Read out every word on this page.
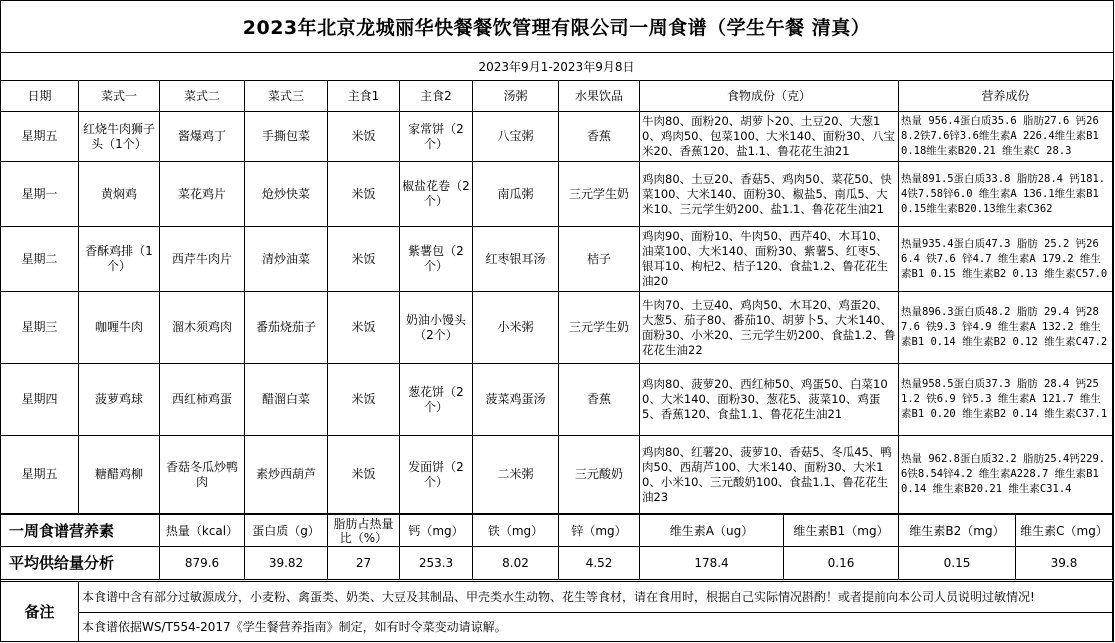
2023年北京龙城丽华快餐餐饮管理有限公司一周食谱（学生午餐 清真）
2023年9月1-2023年9月8日
日期	菜式一	菜式二	菜式三	主食1	主食2	汤粥	水果饮品	食物成份（克）	营养成份
星期五	红烧牛肉狮子头（1个）	酱爆鸡丁	手撕包菜	米饭	家常饼（2个）	八宝粥	香蕉	牛肉80、面粉20、胡萝卜20、土豆20、大葱10、鸡肉50、包菜100、大米140、面粉30、八宝米20、香蕉120、盐1.1、鲁花花生油21	热量 956.4蛋白质35.6 脂肪27.6 钙268.2铁7.6锌3.6维生素A 226.4维生素B1 0.18维生素B20.21 维生素C 28.3
星期一	黄焖鸡	菜花鸡片	炝炒快菜	米饭	椒盐花卷（2个）	南瓜粥	三元学生奶	鸡肉80、土豆20、香菇5、鸡肉50、菜花50、快菜100、大米140、面粉30、椒盐5、南瓜5、大米10、三元学生奶200、盐1.1、鲁花花生油21	热量891.5蛋白质33.8 脂肪28.4 钙181.4铁7.58锌6.0 维生素A 136.1维生素B10.15维生素B20.13维生素C362
星期二	香酥鸡排（1个）	西芹牛肉片	清炒油菜	米饭	紫薯包（2个）	红枣银耳汤	桔子	鸡肉90、面粉10、牛肉50、西芹40、木耳10、油菜100、大米140、面粉30、紫薯5、红枣5、银耳10、枸杞2、桔子120、食盐1.2、鲁花花生油20	热量935.4蛋白质47.3 脂肪 25.2 钙266.4 铁7.6 锌4.7 维生素A 179.2 维生素B1 0.15 维生素B2 0.13 维生素C57.0
星期三	咖喱牛肉	溜木须鸡肉	番茄烧茄子	米饭	奶油小馒头（2个）	小米粥	三元学生奶	牛肉70、土豆40、鸡肉50、木耳20、鸡蛋20、大葱5、茄子80、番茄10、胡萝卜5、大米140、面粉30、小米20、三元学生奶200、食盐1.2、鲁花花生油22	热量896.3蛋白质48.2 脂肪 29.4 钙287.6 铁9.3 锌4.9 维生素A 132.2 维生素B1 0.14 维生素B2 0.12 维生素C47.2
星期四	菠萝鸡球	西红柿鸡蛋	醋溜白菜	米饭	葱花饼（2个）	菠菜鸡蛋汤	香蕉	鸡肉80、菠萝20、西红柿50、鸡蛋50、白菜100、大米140、面粉30、葱花5、菠菜10、鸡蛋5、香蕉120、食盐1.1、鲁花花生油21	热量958.5蛋白质37.3 脂肪 28.4 钙251.2 铁6.9 锌5.3 维生素A 121.7 维生素B1 0.20 维生素B2 0.14 维生素C37.1
星期五	糖醋鸡柳	香菇冬瓜炒鸭肉	素炒西葫芦	米饭	发面饼（2个）	二米粥	三元酸奶	鸡肉80、红薯20、菠萝10、香菇5、冬瓜45、鸭肉50、西葫芦100、大米140、面粉30、大米10、小米10、三元酸奶100、食盐1.1、鲁花花生油23	热量 962.8蛋白质32.2 脂肪25.4钙229.6铁8.54锌4.2 维生素A228.7 维生素B10.14 维生素B20.21 维生素C31.4
一周食谱营养素	热量（kcal）	蛋白质（g）	脂肪占热量比（%）	钙（mg）	铁（mg）	锌（mg）	维生素A（ug）	维生素B1（mg）	维生素B2（mg）	维生素C（mg）
平均供给量分析	879.6	39.82	27	253.3	8.02	4.52	178.4	0.16	0.15	39.8
备注	本食谱中含有部分过敏源成分，小麦粉、禽蛋类、奶类、大豆及其制品、甲壳类水生动物、花生等食材，请在食用时，根据自己实际情况斟酌！或者提前向本公司人员说明过敏情况!
本食谱依据WS/T554-2017《学生餐营养指南》制定，如有时令菜变动请谅解。
